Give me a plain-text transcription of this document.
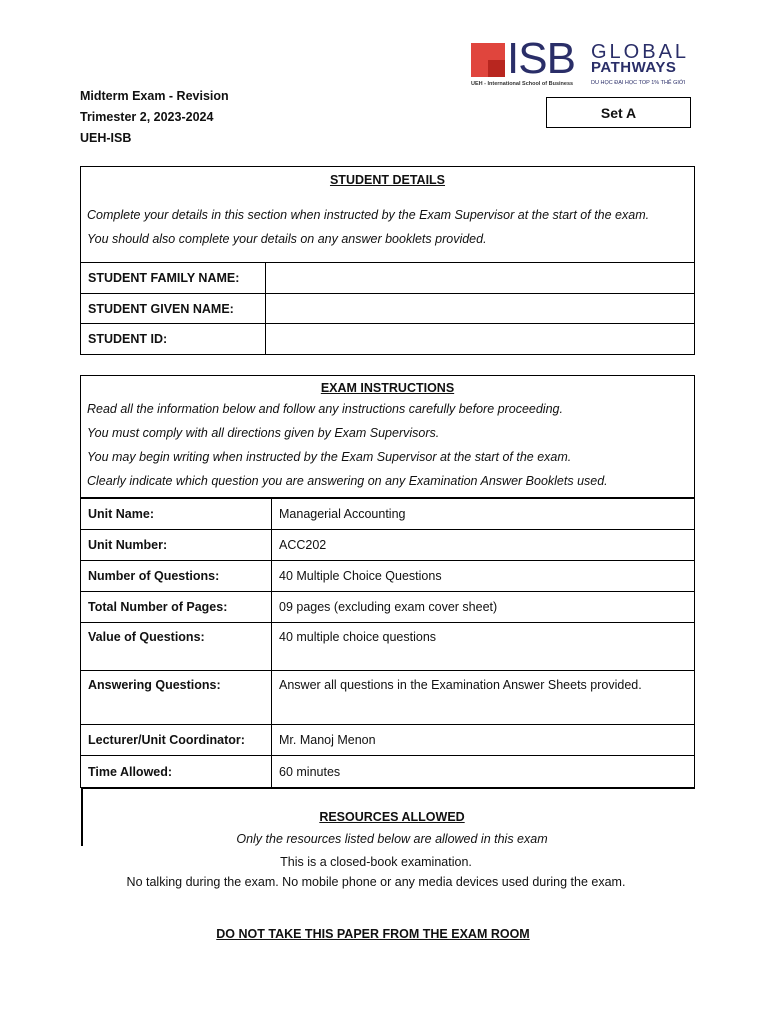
Midterm Exam - Revision
Trimester 2, 2023-2024
UEH-ISB
ISB GLOBAL
PATHWAYS
UEH - International School of Business	DU HỌC ĐẠI HỌC TOP 1% THẾ GIỚI
Set A
STUDENT DETAILS
Complete your details in this section when instructed by the Exam Supervisor at the start of the exam.
You should also complete your details on any answer booklets provided.
STUDENT FAMILY NAME:	
STUDENT GIVEN NAME:	
STUDENT ID:	
EXAM INSTRUCTIONS
Read all the information below and follow any instructions carefully before proceeding.
You must comply with all directions given by Exam Supervisors.
You may begin writing when instructed by the Exam Supervisor at the start of the exam.
Clearly indicate which question you are answering on any Examination Answer Booklets used.
Unit Name:	Managerial Accounting
Unit Number:	ACC202
Number of Questions:	40 Multiple Choice Questions
Total Number of Pages:	09 pages (excluding exam cover sheet)
Value of Questions:	40 multiple choice questions
Answering Questions:	Answer all questions in the Examination Answer Sheets provided.
Lecturer/Unit Coordinator:	Mr. Manoj Menon
Time Allowed:	60 minutes
RESOURCES ALLOWED
Only the resources listed below are allowed in this exam
This is a closed-book examination.
No talking during the exam. No mobile phone or any media devices used during the exam.
DO NOT TAKE THIS PAPER FROM THE EXAM ROOM
